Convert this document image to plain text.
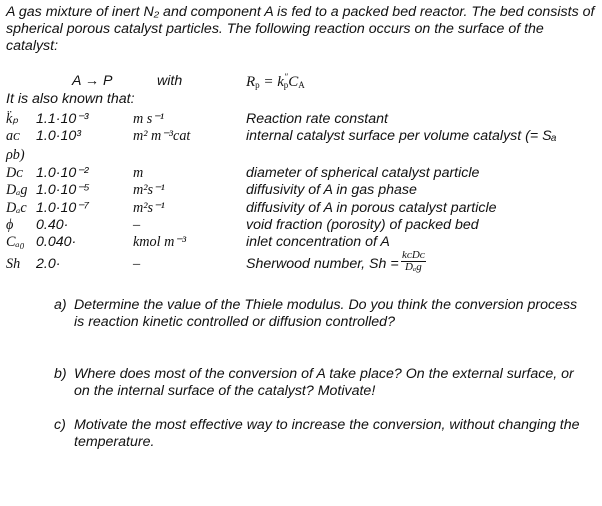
A gas mixture of inert N₂ and component A is fed to a packed bed reactor. The bed consists of spherical porous catalyst particles. The following reaction occurs on the surface of the catalyst:
A → P	with	$R_p = k''_pC_A$
It is also known that:
k̈ₚ 1.1·10⁻³	m s⁻¹	Reaction rate constant
aᴄ 1.0·10³	m² m⁻³cat	internal catalyst surface per volume catalyst (= Sₐ
ρb)
Dᴄ 1.0·10⁻²	m	diameter of spherical catalyst particle
Dₐg 1.0·10⁻⁵	m²s⁻¹	diffusivity of A in gas phase
Dₐc 1.0·10⁻⁷	m²s⁻¹	diffusivity of A in porous catalyst particle
ϕ 0.40·	–	void fraction (porosity) of packed bed
Cₐ₀ 0.040·	kmol m⁻³	inlet concentration of A
Sh 2.0·	–	Sherwood number, Sh =
kᴄDᴄ
Dₐg
a) Determine the value of the Thiele modulus. Do you think the conversion process is reaction kinetic controlled or diffusion controlled?
b) Where does most of the conversion of A take place? On the external surface, or on the internal surface of the catalyst? Motivate!
c) Motivate the most effective way to increase the conversion, without changing the temperature.
